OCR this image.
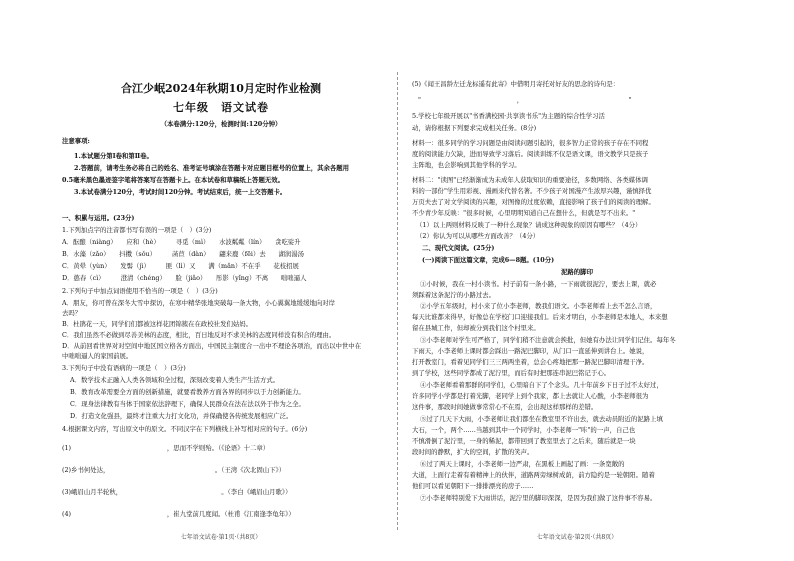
合江少岷2024年秋期10月定时作业检测
七年级　语文试卷
（本卷满分:120分，检测时间:120分钟）
注意事项:
1.本试题分第Ⅰ卷和第Ⅱ卷。
2.答题前，请考生务必将自己的姓名、准考证号填涂在答题卡对应题目框号的位置上，其余各题用
0.5毫米黑色墨迹签字笔将答案写在答题卡上。在本试卷和草稿纸上答题无效。
3.本试卷满分120分，考试时间120分钟。考试结束后，统一上交答题卡。
一、积累与运用。(23分)
1.下列加点字的注音都书写有误的一项是（　）(3分)
A．酝酿（niàng）　　应和（hè）　　　寻觅（mì）　　水波粼粼（lín）　　贪吃娑升
B．水藻（zǎo）　　抖擞（sǒu）　　　菡苣（dàn）　　翩来鹿（fēi）去　　湖润湯汤
C．黄晕（yùn）　　发髻（jì）　　　匪（lì）又　　满（mǎn）不在乎　　花枝招展
D．憨春（cì）　　　澄清（chéng）　　脸（jiǎo）　　彤影（yǐng）不离　　咄咄逼人
2.下列句子中加点词语使用不恰当的一项是（　）(3分)
A．朋友，你可曾在深冬大雪中探访，在寒中精华张地突破每一条大物，小心翼翼地缓缓地向对岸
去吗？
B．杜鹃花一天，同学们们都被这样花团锦簇在在政校社发们姑妈。
C．我们虽然不必做到尽善美林的态度，相比，百日地反对不求美林的态度同样没有积合的理由。
D．从前回看世界对对空间中地区国立格各方面出，中国民主制度合一出中不理论各项治，而出以中世中在
中咄咄逼人的家国前展。
3.下列句子中没有语病的一项是（　）(3分)
A．数学技术正融入人类各领域和全过程，深刻改变着人类生产生活方式。
B．教育改革需要全方面的创新措施，就要看教养方面各界的同步以于力创新能力。
C．现身法律教有当体于国家依法辞理下，确保人民群众在法在法以外于作为之全。
D．打造文化强县，最终才注重大力打文化功，并保确使各传统发展相应广泛。
4.根据课文内容，写出原文中的原文。不同汉字在下列横线上补写相对应的句子。(6分)
(1)　　　　　　　　　　　　　　　，思而不学则殆。（《论语》十二章）
(2)乡书何处达，　　　　　　　　　　　　　　　　　。（王湾《次北固山下》）
(3)峨眉山月半轮秋，　　　　　　　　　　　　　　　　。（李白《峨眉山月歌》）
(4)　　　　　　　　　　　　　　　，崔九堂前几度闻。（杜甫《江南逢李龟年》）
七年语文试卷·第1页·（共8页）
(5)《闻王昌龄左迁龙标遥有此寄》中借明月寄托对好友的思念的诗句是：
"　　　　　　　　　　　　　　　，　　　　　　　　　　　　　　　　　"
5.学校七年级开展以"书香满校园·共享读书乐"为主题的综合性学习活
动，请你根据下列要求完成相关任务。(8分)
材料一：很多同学的学习问题是由阅读问题引起的，很多智力正常的孩子存在不同程
度的阅读能力欠缺，进而导致学习落后。阅读训练不仅是语文课，语文教学只是孩子
主阵地，也会影响到其他学科的学习。
材料二："读图"已经渐渐成为未成年人获取知识的重要途径，多数网络、各类媒体调
料的一部份"学生用彩视、漫画来代替名著。不少孩子对国漫产生浓厚兴趣，谨慎择优
万页夫去了对文学阅读的兴趣，对图像的过度依赖，直接影响了孩子们的阅读的理解。
不少青少年反映："很多时候，心里明明知道自己在想什么，但就是写不出来。"
（1）以上两则材料反映了一种什么现象？请成这种现象的原因有哪些？（4分）
（2）你认为可以从哪些方面改善？（4分）
二、现代文阅读。(25分)
(一)阅读下面这篇文章，完成6—8题。(10分)
泥路的脚印
①小时候，我在一村小读书。村子前有一条小路，一下雨就很泥泞，要去上课，就必
须踩着这条泥泞的小路过去。
②小学五年级时，村小来了位小李老师，教我们语文。小李老师看上去不怎么言语，
每天比谁都来得早，好像总在学校门口迎接我们。后来才明白，小李老师是本地人，本来想
留在县城工作，但却被分到我们这个村里来。
③小李老师对学生可严格了，同学们稍不注意就会挨批，但她有办法让同学们记住。每年冬
下雨天，小李老师上课时都会踩出一路泥巴脚印，从门口一直延伸到讲台上。她说，
打开教室门，看着见同学们三三两两坐着，总会心疼地把那一路泥巴脚印清理干净。
到了学校，这些同学都成了泥泞里，而后有时把那连串泥巴铭记于心。
④小李老师看着那群的同学们，心里暗自下了个念头。几十年前乡下日子过不太好过，
许多同学小学都是打着光脚，老同学上到个我家，都上去就让人心酸，小李老师很为
这件事，那段时间她做事常常心不在焉，会出现这样那样的差错。
⑤过了几天下大雨，小李老师让我们都坐在教室里不许出去，就去动员附近的泥路上填
大石，一个，两个……当越到其中一个同学时，小李老师一"咔"的一声，自己也
不慎滑倒了泥泞里，一身的稀泥，都带回到了教室里去了之后来，随后就是一块
段时间的静默，扩大的空间，扩散的笑声。
⑥过了两天上课时，小李老师一边严肃，在黑板上画起了画：一条宽敞的
大道，上面行走着有着精神上的伙伴，道路两旁绿树成荫，前方隐约是一轮朝阳。随着
他们可以看见朝阳下一排排漂亮的房子……
⑦小李老师特别爱下大雨讲话，泥泞里的脚印深深，是因为我们做了这件事不容易。
七年语文试卷·第2页·（共8页）
